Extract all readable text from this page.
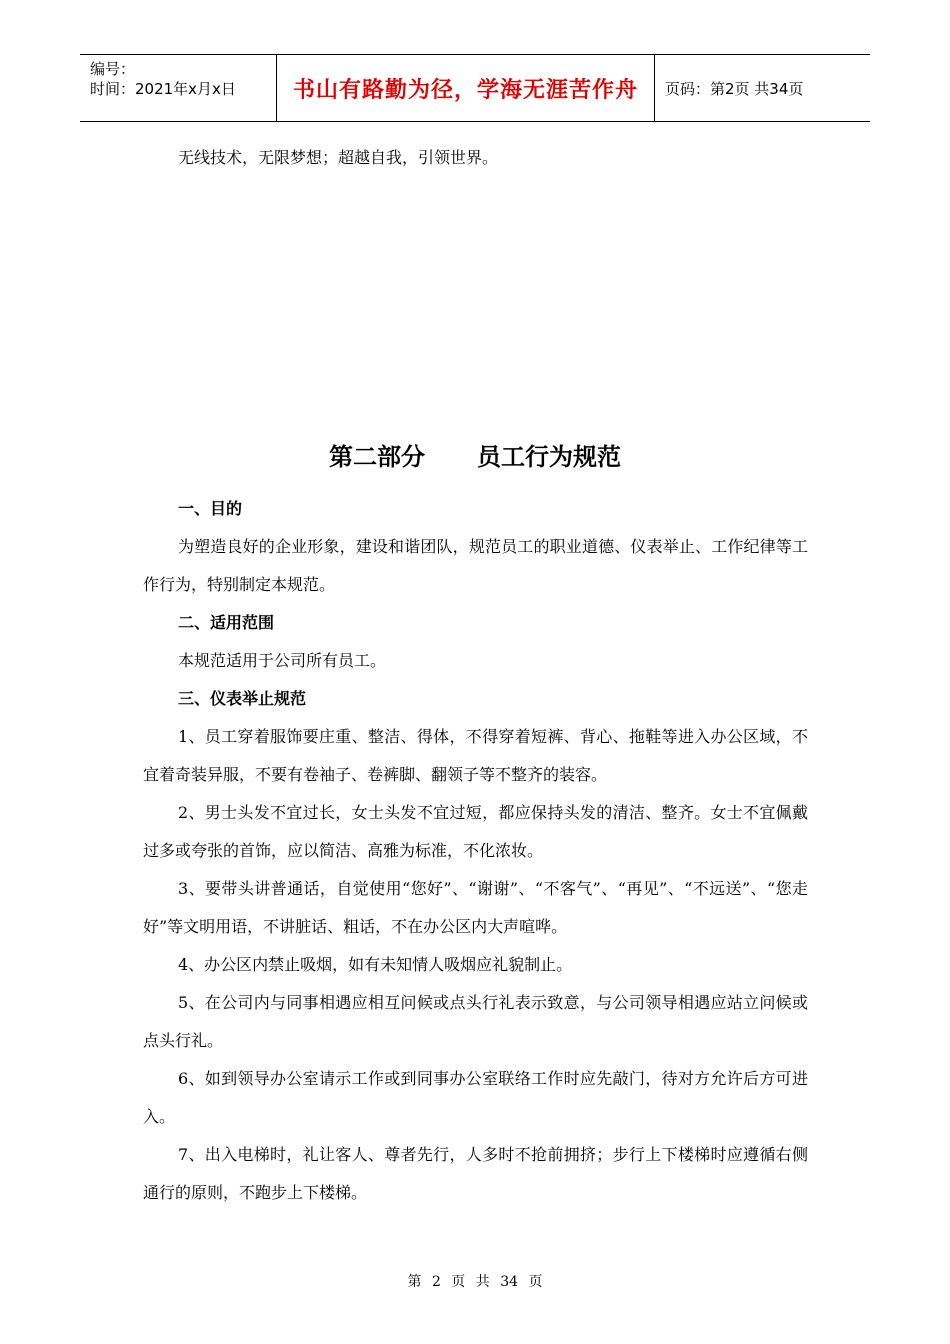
编号：
时间：2021年x月x日	书山有路勤为径，学海无涯苦作舟	页码：第2页 共34页
无线技术，无限梦想；超越自我，引领世界。
第二部分 员工行为规范
一、目的
为塑造良好的企业形象，建设和谐团队，规范员工的职业道德、仪表举止、工作纪律等工作行为，特别制定本规范。
二、适用范围
本规范适用于公司所有员工。
三、仪表举止规范
1、员工穿着服饰要庄重、整洁、得体，不得穿着短裤、背心、拖鞋等进入办公区域，不宜着奇装异服，不要有卷袖子、卷裤脚、翻领子等不整齐的装容。
2、男士头发不宜过长，女士头发不宜过短，都应保持头发的清洁、整齐。女士不宜佩戴过多或夸张的首饰，应以简洁、高雅为标准，不化浓妆。
3、要带头讲普通话，自觉使用“您好”、“谢谢”、“不客气”、“再见”、“不远送”、“您走好”等文明用语，不讲脏话、粗话，不在办公区内大声喧哗。
4、办公区内禁止吸烟，如有未知情人吸烟应礼貌制止。
5、在公司内与同事相遇应相互问候或点头行礼表示致意，与公司领导相遇应站立问候或点头行礼。
6、如到领导办公室请示工作或到同事办公室联络工作时应先敲门，待对方允许后方可进入。
7、出入电梯时，礼让客人、尊者先行，人多时不抢前拥挤；步行上下楼梯时应遵循右侧通行的原则，不跑步上下楼梯。
第 2 页 共 34 页
